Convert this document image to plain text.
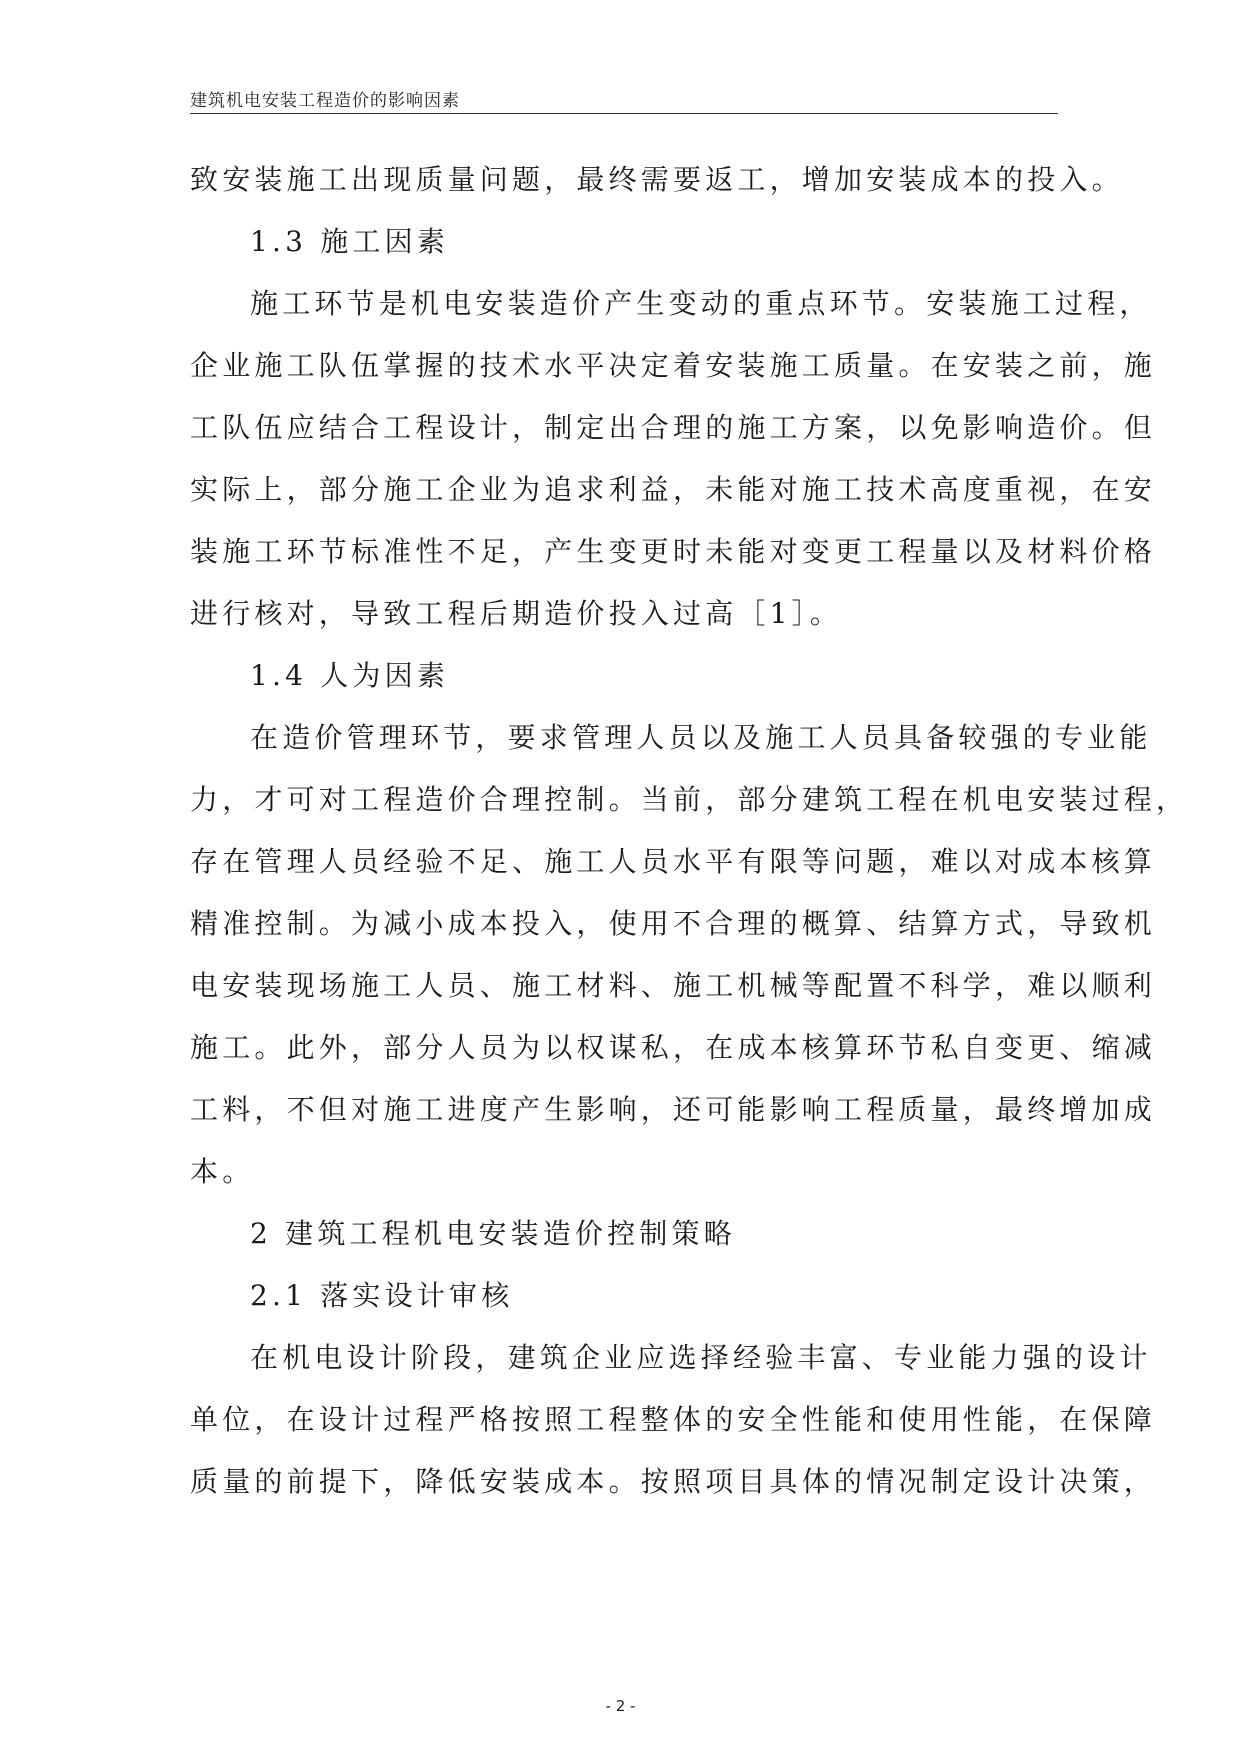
建筑机电安装工程造价的影响因素
致安装施工出现质量问题，最终需要返工，增加安装成本的投入。
1.3 施工因素
施工环节是机电安装造价产生变动的重点环节。安装施工过程，
企业施工队伍掌握的技术水平决定着安装施工质量。在安装之前，施
工队伍应结合工程设计，制定出合理的施工方案，以免影响造价。但
实际上，部分施工企业为追求利益，未能对施工技术高度重视，在安
装施工环节标准性不足，产生变更时未能对变更工程量以及材料价格
进行核对，导致工程后期造价投入过高［1］。
1.4 人为因素
在造价管理环节，要求管理人员以及施工人员具备较强的专业能
力，才可对工程造价合理控制。当前，部分建筑工程在机电安装过程，
存在管理人员经验不足、施工人员水平有限等问题，难以对成本核算
精准控制。为减小成本投入，使用不合理的概算、结算方式，导致机
电安装现场施工人员、施工材料、施工机械等配置不科学，难以顺利
施工。此外，部分人员为以权谋私，在成本核算环节私自变更、缩减
工料，不但对施工进度产生影响，还可能影响工程质量，最终增加成
本。
2 建筑工程机电安装造价控制策略
2.1 落实设计审核
在机电设计阶段，建筑企业应选择经验丰富、专业能力强的设计
单位，在设计过程严格按照工程整体的安全性能和使用性能，在保障
质量的前提下，降低安装成本。按照项目具体的情况制定设计决策，
- 2 -
